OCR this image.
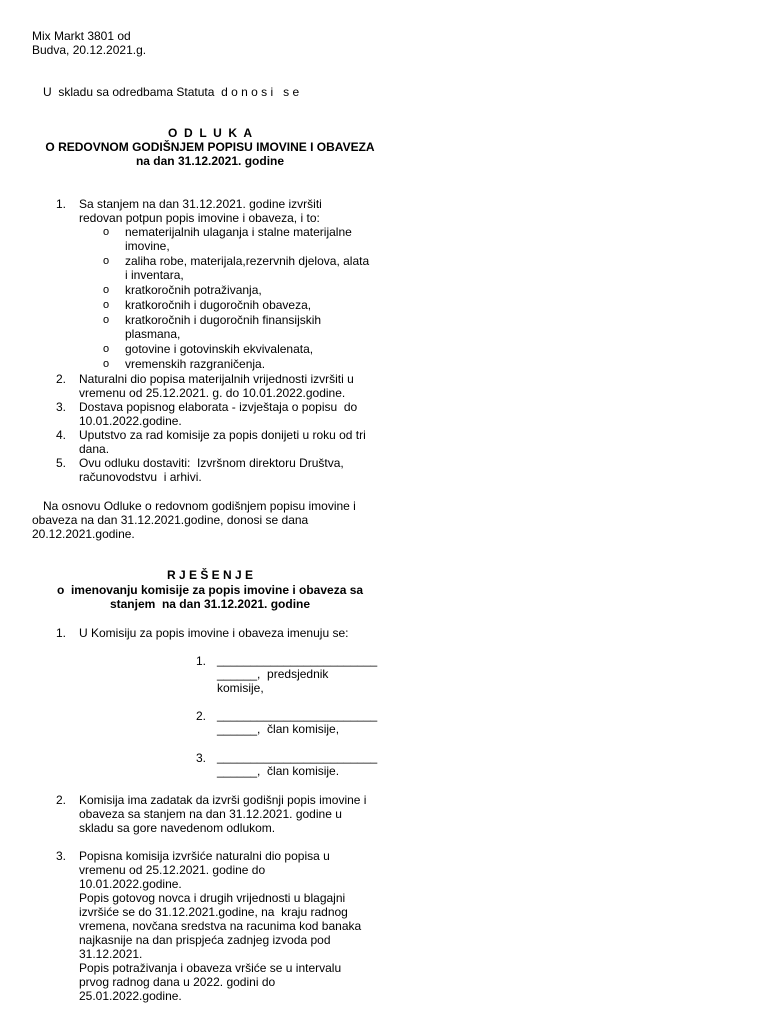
Mix Markt 3801 od
Budva, 20.12.2021.g.
U  skladu sa odredbama Statuta  d o n o s i   s e
O  D  L  U  K  A
O REDOVNOM GODIŠNJEM POPISU IMOVINE I OBAVEZA
na dan 31.12.2021. godine
1. Sa stanjem na dan 31.12.2021. godine izvršiti
redovan potpun popis imovine i obaveza, i to:
o nematerijalnih ulaganja i stalne materijalne
imovine,
o zaliha robe, materijala,rezervnih djelova, alata
i inventara,
o kratkoročnih potraživanja,
o kratkoročnih i dugoročnih obaveza,
o kratkoročnih i dugoročnih finansijskih
plasmana,
o gotovine i gotovinskih ekvivalenata,
o vremenskih razgraničenja.
2. Naturalni dio popisa materijalnih vrijednosti izvršiti u
vremenu od 25.12.2021. g. do 10.01.2022.godine.
3. Dostava popisnog elaborata - izvještaja o popisu  do
10.01.2022.godine.
4. Uputstvo za rad komisije za popis donijeti u roku od tri
dana.
5. Ovu odluku dostaviti:  Izvršnom direktoru Društva,
računovodstvu  i arhivi.
Na osnovu Odluke o redovnom godišnjem popisu imovine i
obaveza na dan 31.12.2021.godine, donosi se dana
20.12.2021.godine.
R J E Š E N J E
o  imenovanju komisije za popis imovine i obaveza sa
stanjem  na dan 31.12.2021. godine
1. U Komisiju za popis imovine i obaveza imenuju se:
1. ________________________
______,  predsjednik
komisije,
2. ________________________
______,  član komisije,
3. ________________________
______,  član komisije.
2. Komisija ima zadatak da izvrši godišnji popis imovine i
obaveza sa stanjem na dan 31.12.2021. godine u
skladu sa gore navedenom odlukom.
3. Popisna komisija izvršiće naturalni dio popisa u
vremenu od 25.12.2021. godine do
10.01.2022.godine.
Popis gotovog novca i drugih vrijednosti u blagajni
izvršiće se do 31.12.2021.godine, na  kraju radnog
vremena, novčana sredstva na racunima kod banaka
najkasnije na dan prispjeća zadnjeg izvoda pod
31.12.2021.
Popis potraživanja i obaveza vršiće se u intervalu
prvog radnog dana u 2022. godini do
25.01.2022.godine.
